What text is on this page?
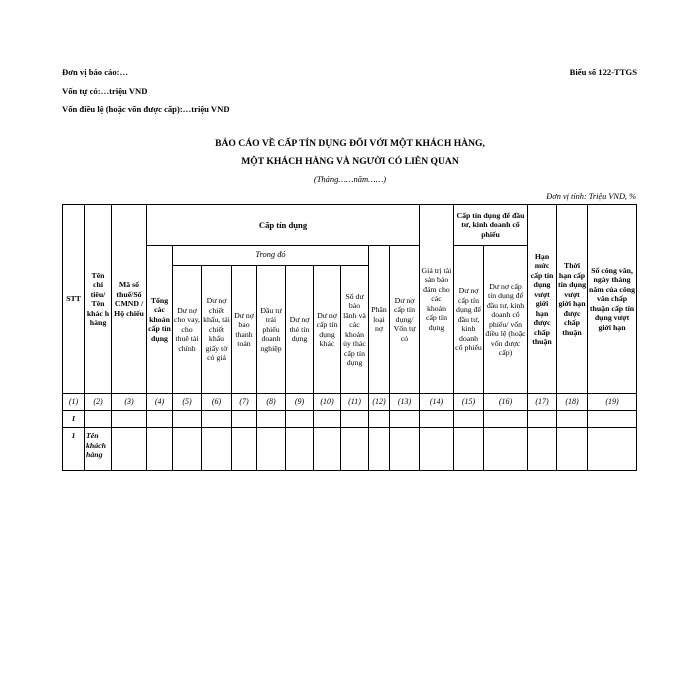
Đơn vị báo cáo:…
Vốn tự có:…triệu VND
Vốn điều lệ (hoặc vốn được cấp):…triệu VND
Biểu số 122-TTGS
BÁO CÁO VỀ CẤP TÍN DỤNG ĐỐI VỚI MỘT KHÁCH HÀNG,
MỘT KHÁCH HÀNG VÀ NGƯỜI CÓ LIÊN QUAN
(Tháng……năm……)
Đơn vị tính: Triệu VND, %
STT	Tên chi tiêu/ Tên khác h hàng	Mã số thuế/Số CMND / Hộ chiếu	Cấp tín dụng										Giá trị tài sản bảo đảm cho các khoản cấp tín dụng	Cấp tín dụng để đầu tư, kinh doanh cổ phiếu		Hạn mức cấp tín dụng vượt giới hạn được chấp thuận	Thời hạn cấp tín dụng vượt giới hạn được chấp thuận	Số công văn, ngày tháng năm của công văn chấp thuận cấp tín dụng vượt giới hạn
			Tổng các khoản cấp tín dụng	Trong đó							Phân loại nợ	Dư nợ cấp tín dụng/ Vốn tự có		Dư nợ cấp tín dụng để đầu tư, kinh doanh cổ phiếu	Dư nợ cấp tín dụng để đầu tư, kinh doanh cổ phiếu/ vốn điều lệ (hoặc vốn được cấp)			
				Dư nợ cho vay, cho thuê tài chính	Dư nợ chiết khấu, tái chiết khấu giấy tờ có giá	Dư nợ bao thanh toán	Đầu tư trái phiếu doanh nghiệp	Dư nợ thẻ tín dụng	Dư nợ cấp tín dụng khác	Số dư bảo lãnh và các khoản ủy thác cấp tín dụng								
(1)	(2)	(3)	(4)	(5)	(6)	(7)	(8)	(9)	(10)	(11)	(12)	(13)	(14)	(15)	(16)	(17)	(18)	(19)
I																		
1	Tên khách hàng																	
